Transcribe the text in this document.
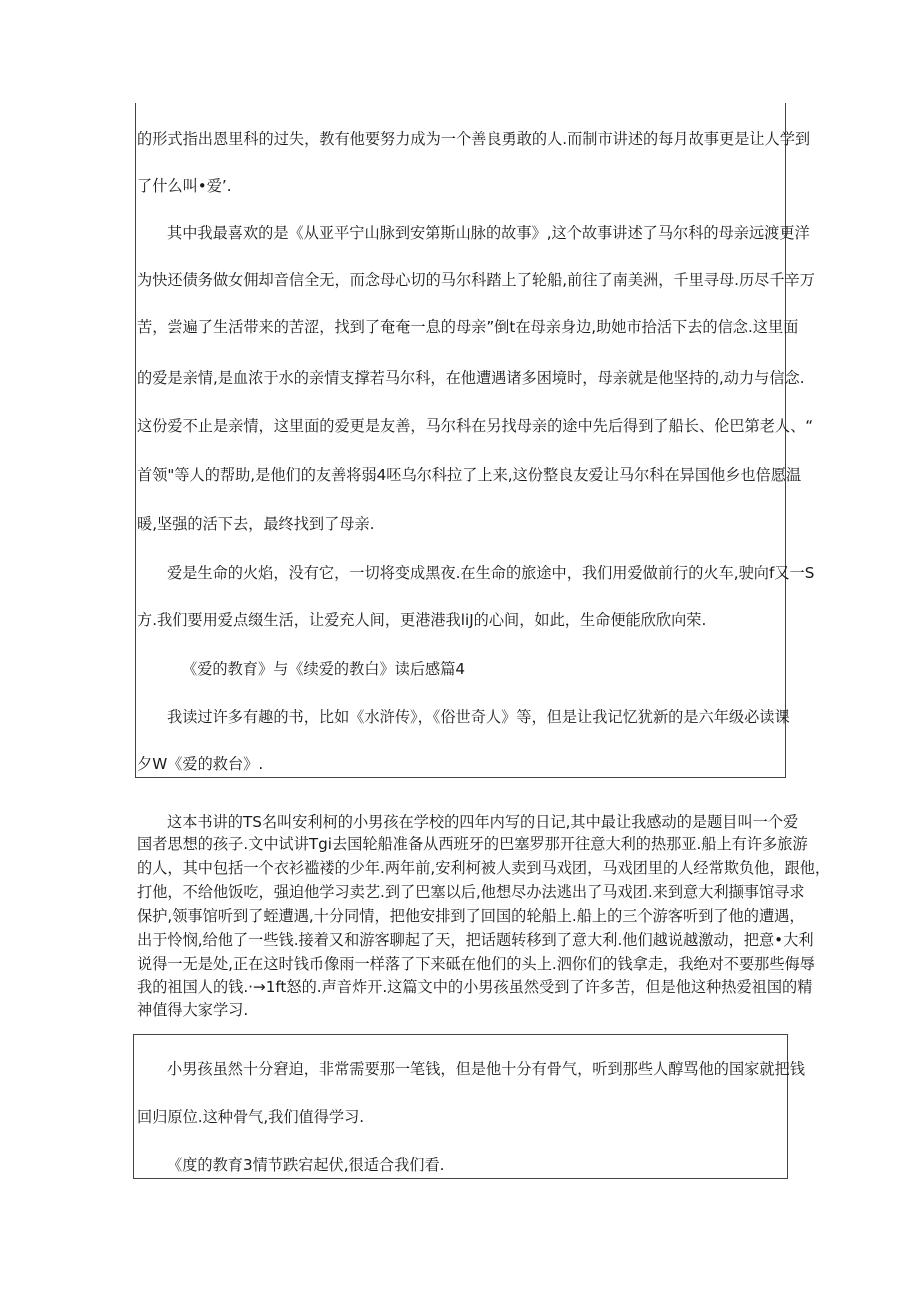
的形式指出恩里科的过失，教有他要努力成为一个善良勇敢的人.而制市讲述的每月故事更是让人学到
了什么叫•爱’.
其中我最喜欢的是《从亚平宁山脉到安第斯山脉的故事》,这个故事讲述了马尔科的母亲远渡更洋
为快还债务做女佣却音信全无，而念母心切的马尔科踏上了轮船,前往了南美洲，千里寻母.历尽千辛万
苦，尝遍了生活带来的苦涩，找到了奄奄一息的母亲”倒t在母亲身边,助她市拾活下去的信念.这里面
的爱是亲情,是血浓于水的亲情支撑若马尔科，在他遭遇诸多困境时，母亲就是他坚持的,动力与信念.
这份爱不止是亲情，这里面的爱更是友善，马尔科在另找母亲的途中先后得到了船长、伦巴第老人、“
首领"等人的帮助,是他们的友善将弱4呸乌尔科拉了上来,这份整良友爱让马尔科在异国他乡也倍愿温
暖,坚强的活下去，最终找到了母亲.
爱是生命的火焰，没有它，一切将变成黑夜.在生命的旅途中，我们用爱做前行的火车,驶向f又一S
方.我们要用爱点缀生活，让爱充人间，更港港我liJ的心间，如此，生命便能欣欣向荣.
《爱的教育》与《续爱的教白》读后感篇4
我读过许多有趣的书，比如《水浒传》，《俗世奇人》等，但是让我记忆犹新的是六年级必读课
夕W《爱的救台》.
这本书讲的TS名叫安利柯的小男孩在学校的四年内写的日记,其中最让我感动的是题目叫一个爱
国者思想的孩子.文中试讲Tgi去国轮船准备从西班牙的巴塞罗那开往意大利的热那亚.船上有许多旅游
的人，其中包括一个衣衫褴褛的少年.两年前,安利柯被人卖到马戏团，马戏团里的人经常欺负他，跟他，
打他，不给他饭吃，强迫他学习卖艺.到了巴塞以后,他想尽办法逃出了马戏团.来到意大利撷事馆寻求
保护,领事馆听到了蛭遭遇,十分同情，把他安排到了回国的轮船上.船上的三个游客听到了他的遭遇，
出于怜悯,给他了一些钱.接着又和游客聊起了天，把话题转移到了意大利.他们越说越激动，把意•大利
说得一无是处,正在这时钱币像雨一样落了下来砥在他们的头上.泗你们的钱拿走，我绝对不要那些侮辱
我的祖国人的钱.·→1ft怒的.声音炸开.这篇文中的小男孩虽然受到了许多苦，但是他这种热爱祖国的精
神值得大家学习.
小男孩虽然十分窘迫，非常需要那一笔钱，但是他十分有骨气，听到那些人醇骂他的国家就把钱
回归原位.这种骨气,我们值得学习.
《度的教育3情节跌宕起伏,很适合我们看.
